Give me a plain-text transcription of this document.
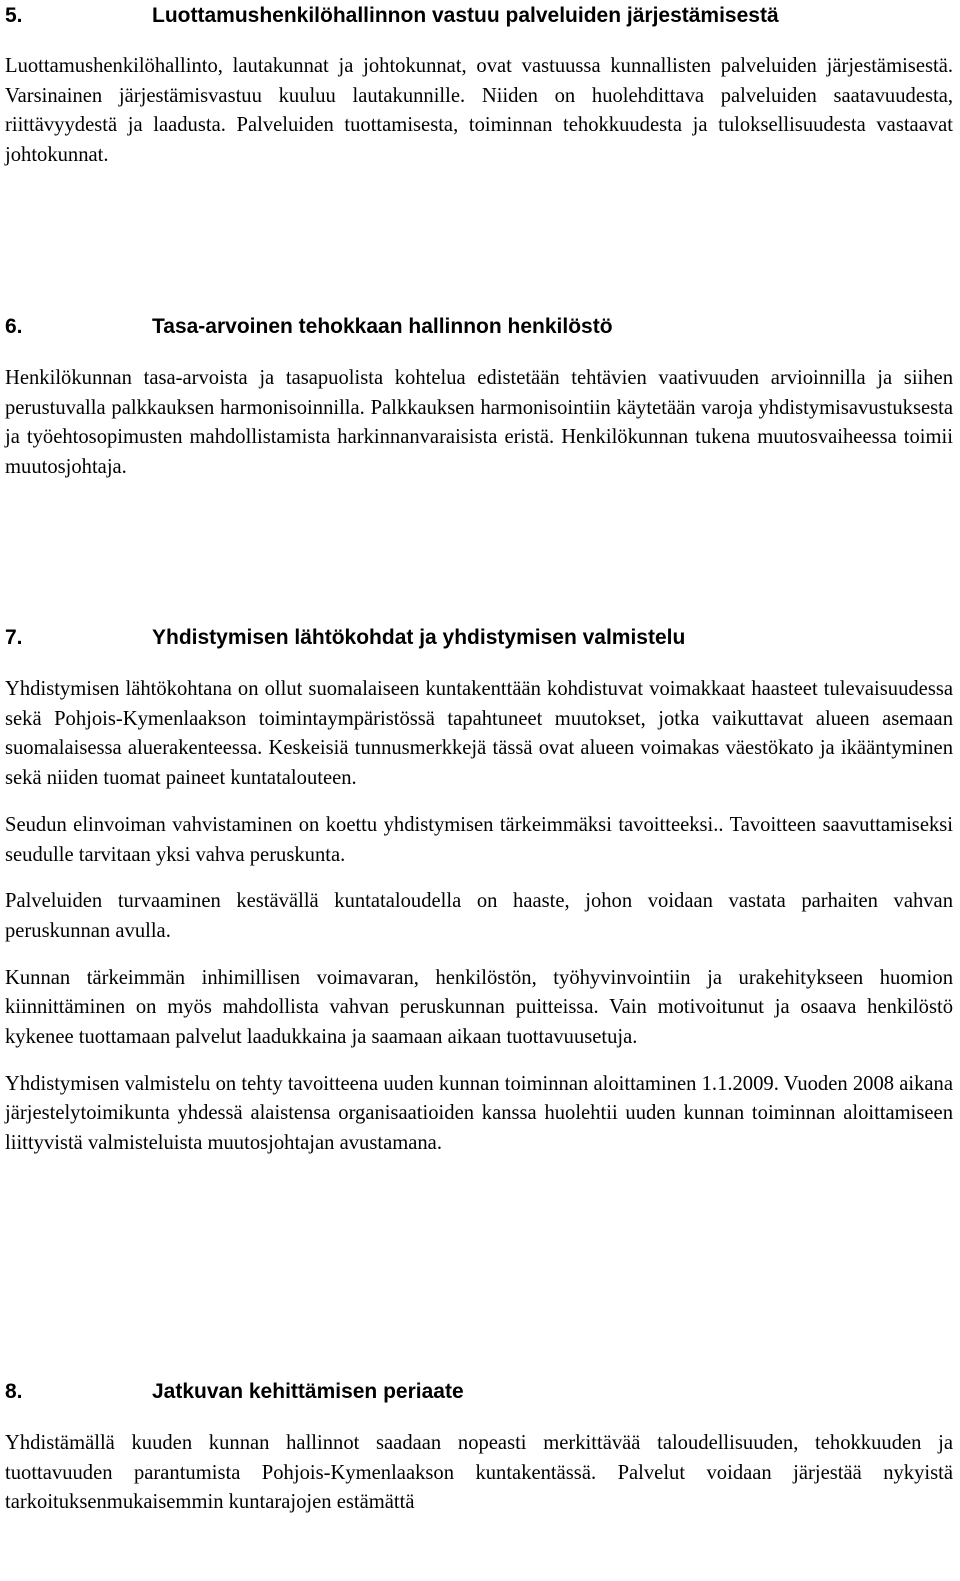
5.	Luottamushenkilöhallinnon vastuu palveluiden järjestämisestä

Luottamushenkilöhallinto, lautakunnat ja johtokunnat, ovat vastuussa kunnallisten palveluiden järjestämisestä. Varsinainen järjestämisvastuu kuuluu lautakunnille. Niiden on huolehdittava palveluiden saatavuudesta, riittävyydestä ja laadusta. Palveluiden tuottamisesta, toiminnan tehokkuudesta ja tuloksellisuudesta vastaavat johtokunnat.

6.	Tasa-arvoinen tehokkaan hallinnon henkilöstö

Henkilökunnan tasa-arvoista ja tasapuolista kohtelua edistetään tehtävien vaativuuden arvioinnilla ja siihen perustuvalla palkkauksen harmonisoinnilla. Palkkauksen harmonisointiin käytetään varoja yhdistymisavustuksesta ja työehtosopimusten mahdollistamista harkinnanvaraisista eristä. Henkilökunnan tukena muutosvaiheessa toimii muutosjohtaja.

7.	Yhdistymisen lähtökohdat ja yhdistymisen valmistelu

Yhdistymisen lähtökohtana on ollut suomalaiseen kuntakenttään kohdistuvat voimakkaat haasteet tulevaisuudessa sekä Pohjois-Kymenlaakson toimintaympäristössä tapahtuneet muutokset, jotka vaikuttavat alueen asemaan suomalaisessa aluerakenteessa. Keskeisiä tunnusmerkkejä tässä ovat alueen voimakas väestökato ja ikääntyminen sekä niiden tuomat paineet kuntatalouteen.

Seudun elinvoiman vahvistaminen on koettu yhdistymisen tärkeimmäksi tavoitteeksi.. Tavoitteen saavuttamiseksi seudulle tarvitaan yksi vahva peruskunta.

Palveluiden turvaaminen kestävällä kuntataloudella on haaste, johon voidaan vastata parhaiten vahvan peruskunnan avulla.

Kunnan tärkeimmän inhimillisen voimavaran, henkilöstön, työhyvinvointiin ja urakehitykseen huomion kiinnittäminen on myös mahdollista vahvan peruskunnan puitteissa. Vain motivoitunut ja osaava henkilöstö kykenee tuottamaan palvelut laadukkaina ja saamaan aikaan tuottavuusetuja.

Yhdistymisen valmistelu on tehty tavoitteena uuden kunnan toiminnan aloittaminen 1.1.2009. Vuoden 2008 aikana järjestelytoimikunta yhdessä alaistensa organisaatioiden kanssa huolehtii uuden kunnan toiminnan aloittamiseen liittyvistä valmisteluista muutosjohtajan avustamana.

8.	Jatkuvan kehittämisen periaate

Yhdistämällä kuuden kunnan hallinnot saadaan nopeasti merkittävää taloudellisuuden, tehokkuuden ja tuottavuuden parantumista Pohjois-Kymenlaakson kuntakentässä. Palvelut voidaan järjestää nykyistä tarkoituksenmukaisemmin kuntarajojen estämättä
